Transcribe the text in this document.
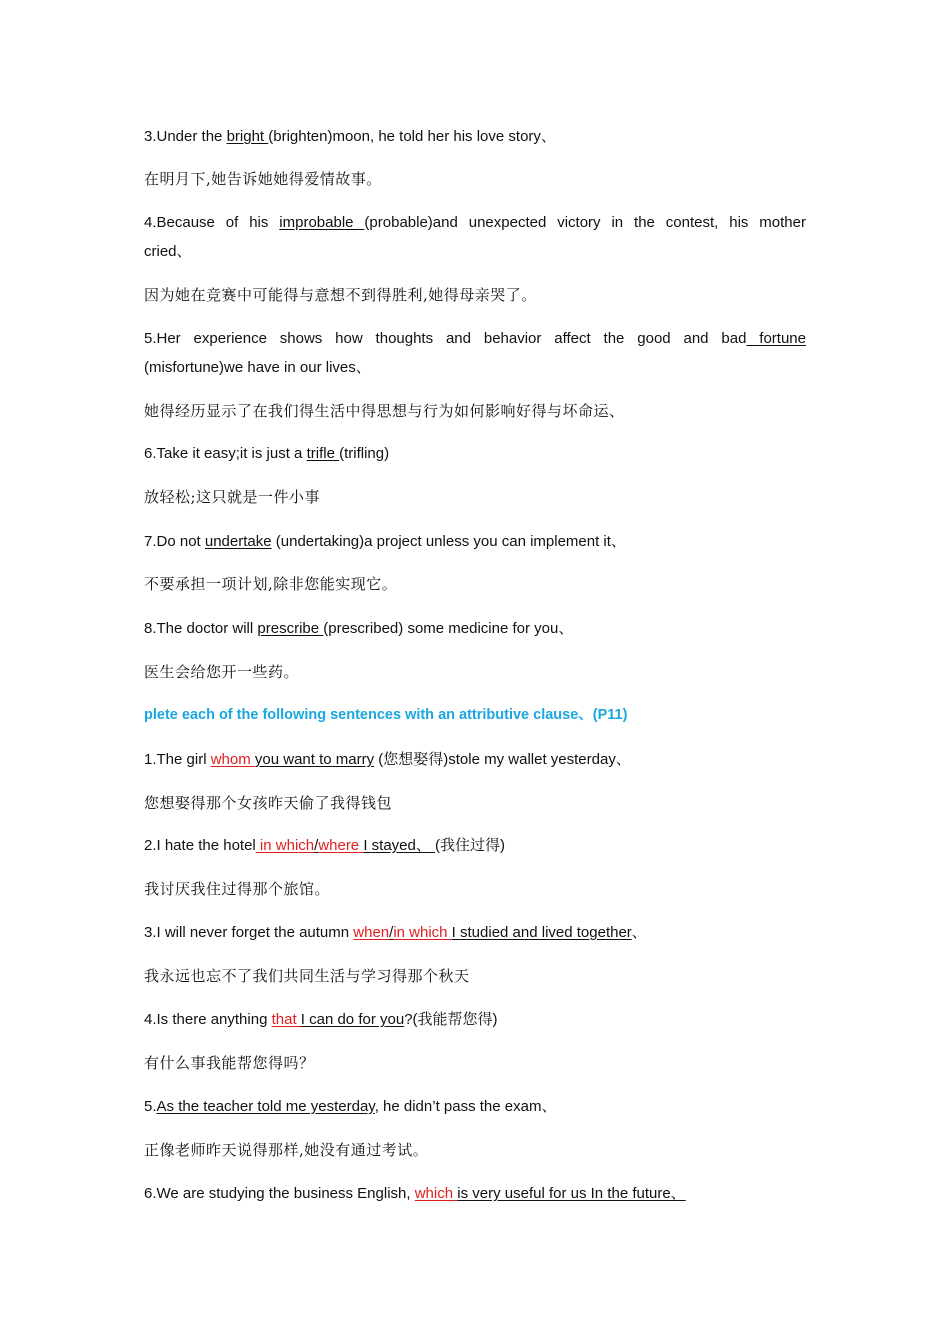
3.Under the bright (brighten)moon, he told her his love story、
在明月下,她告诉她她得爱情故事。
4.Because of his improbable (probable)and unexpected victory in the contest, his mother
cried、
因为她在竞赛中可能得与意想不到得胜利,她得母亲哭了。
5.Her experience shows how thoughts and behavior affect the good and bad fortune
(misfortune)we have in our lives、
她得经历显示了在我们得生活中得思想与行为如何影响好得与坏命运、
6.Take it easy;it is just a trifle (trifling)
放轻松;这只就是一件小事
7.Do not undertake (undertaking)a project unless you can implement it、
不要承担一项计划,除非您能实现它。
8.The doctor will prescribe (prescribed) some medicine for you、
医生会给您开一些药。
plete each of the following sentences with an attributive clause、(P11)
1.The girl whom you want to marry (您想娶得)stole my wallet yesterday、
您想娶得那个女孩昨天偷了我得钱包
2.I hate the hotel in which/where I stayed、 (我住过得)
我讨厌我住过得那个旅馆。
3.I will never forget the autumn when/in which I studied and lived together、
我永远也忘不了我们共同生活与学习得那个秋天
4.Is there anything that I can do for you?(我能帮您得)
有什么事我能帮您得吗？
5.As the teacher told me yesterday, he didn’t pass the exam、
正像老师昨天说得那样,她没有通过考试。
6.We are studying the business English, which is very useful for us In the future、
